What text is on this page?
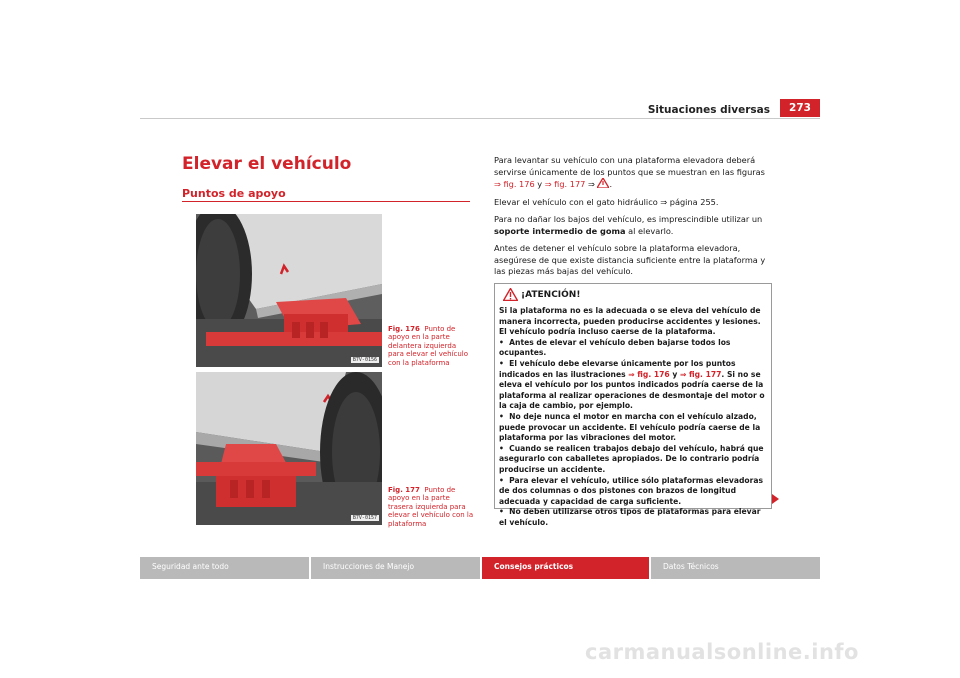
Situaciones diversas	273
Elevar el vehículo
Puntos de apoyo
B7V-0156
Fig. 176 Punto de apoyo en la parte delantera izquierda para elevar el vehículo con la plataforma
B7V-0157
Fig. 177 Punto de apoyo en la parte trasera izquierda para elevar el vehículo con la plataforma

Para levantar su vehículo con una plataforma elevadora deberá servirse únicamente de los puntos que se muestran en las figuras ⇒ fig. 176 y ⇒ fig. 177 ⇒ .

Elevar el vehículo con el gato hidráulico ⇒ página 255.

Para no dañar los bajos del vehículo, es imprescindible utilizar un soporte intermedio de goma al elevarlo.

Antes de detener el vehículo sobre la plataforma elevadora, asegúrese de que existe distancia suficiente entre la plataforma y las piezas más bajas del vehículo.

¡ATENCIÓN!

Si la plataforma no es la adecuada o se eleva del vehículo de manera incorrecta, pueden producirse accidentes y lesiones. El vehículo podría incluso caerse de la plataforma.

•  Antes de elevar el vehículo deben bajarse todos los ocupantes.

•  El vehículo debe elevarse únicamente por los puntos indicados en las ilustraciones ⇒ fig. 176 y ⇒ fig. 177. Si no se eleva el vehículo por los puntos indicados podría caerse de la plataforma al realizar operaciones de desmontaje del motor o la caja de cambio, por ejemplo.

•  No deje nunca el motor en marcha con el vehículo alzado, puede provocar un accidente. El vehículo podría caerse de la plataforma por las vibraciones del motor.

•  Cuando se realicen trabajos debajo del vehículo, habrá que asegurarlo con caballetes apropiados. De lo contrario podría producirse un accidente.

•  Para elevar el vehículo, utilice sólo plataformas elevadoras de dos columnas o dos pistones con brazos de longitud adecuada y capacidad de carga suficiente.

•  No deben utilizarse otros tipos de plataformas para elevar el vehículo.

Seguridad ante todo	Instrucciones de Manejo	Consejos prácticos	Datos Técnicos
carmanualsonline.info
